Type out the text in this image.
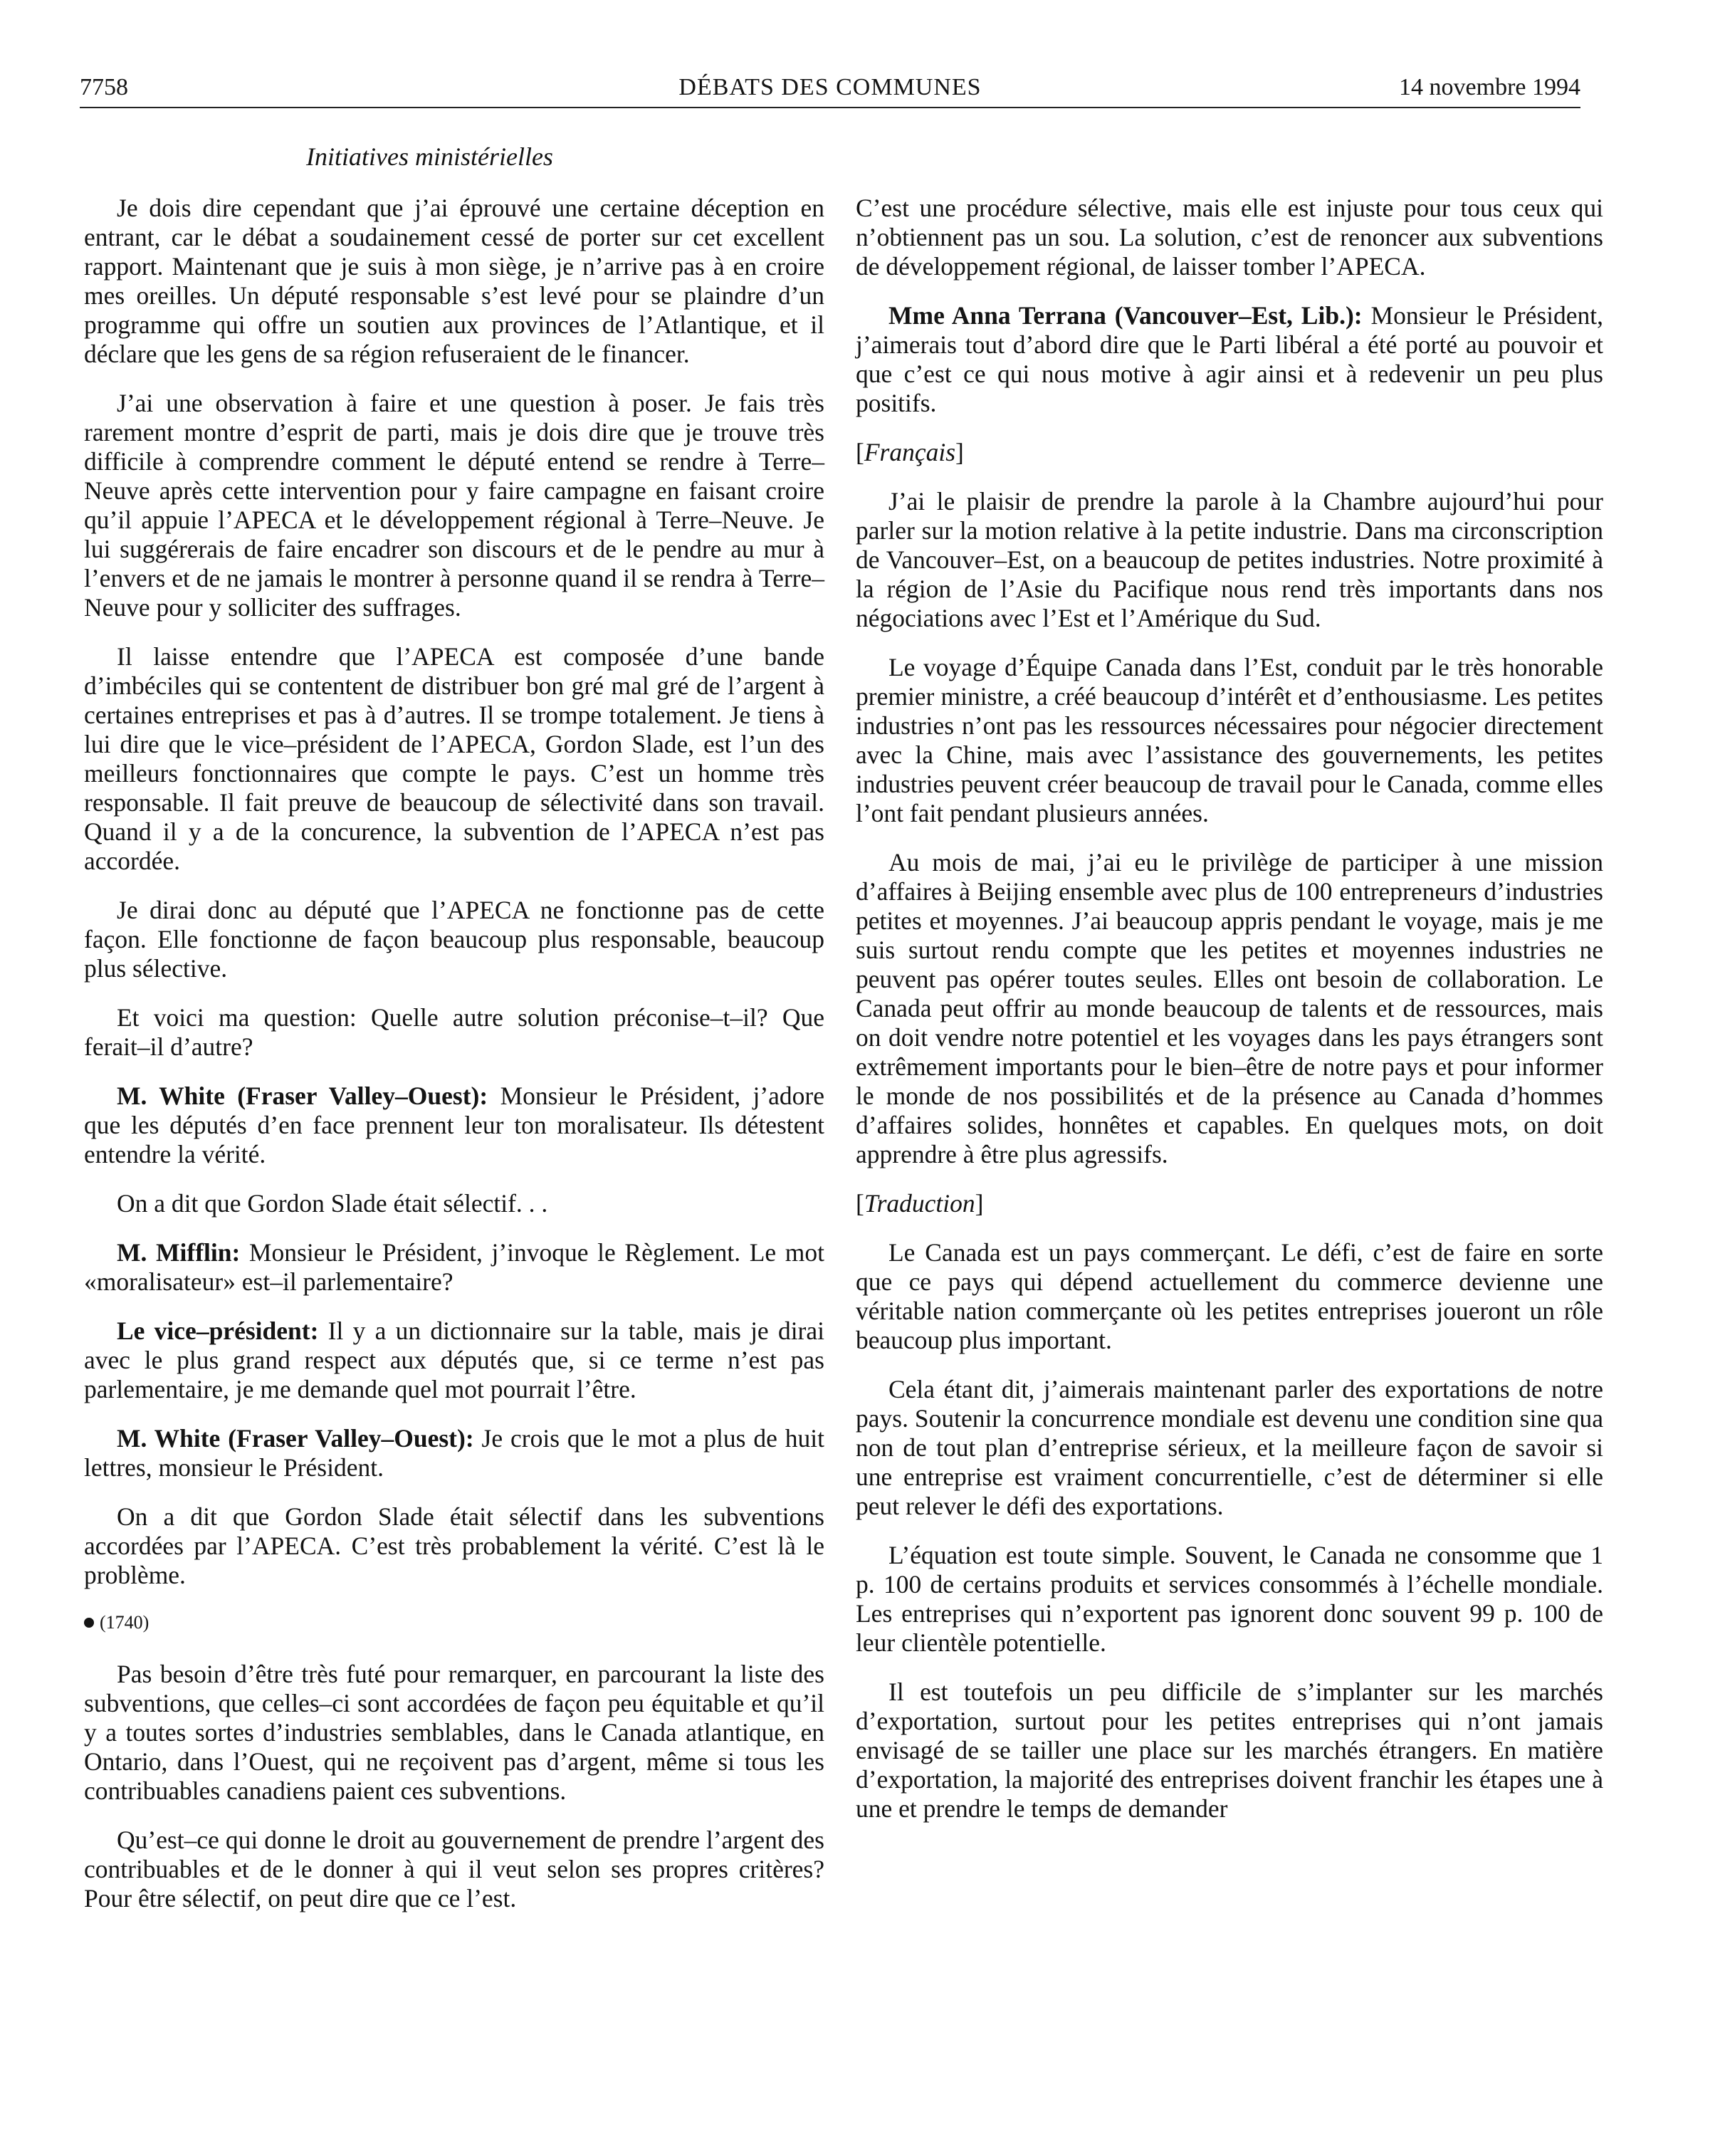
7758	DÉBATS DES COMMUNES	14 novembre 1994
Initiatives ministérielles

Je dois dire cependant que j’ai éprouvé une certaine déception en entrant, car le débat a soudainement cessé de porter sur cet excellent rapport. Maintenant que je suis à mon siège, je n’arrive pas à en croire mes oreilles. Un député responsable s’est levé pour se plaindre d’un programme qui offre un soutien aux provinces de l’Atlantique, et il déclare que les gens de sa région refuseraient de le financer.

J’ai une observation à faire et une question à poser. Je fais très rarement montre d’esprit de parti, mais je dois dire que je trouve très difficile à comprendre comment le député entend se rendre à Terre–Neuve après cette intervention pour y faire campagne en faisant croire qu’il appuie l’APECA et le développement régional à Terre–Neuve. Je lui suggérerais de faire encadrer son discours et de le pendre au mur à l’envers et de ne jamais le montrer à personne quand il se rendra à Terre–Neuve pour y solliciter des suffrages.

Il laisse entendre que l’APECA est composée d’une bande d’imbéciles qui se contentent de distribuer bon gré mal gré de l’argent à certaines entreprises et pas à d’autres. Il se trompe totalement. Je tiens à lui dire que le vice–président de l’APECA, Gordon Slade, est l’un des meilleurs fonctionnaires que compte le pays. C’est un homme très responsable. Il fait preuve de beaucoup de sélectivité dans son travail. Quand il y a de la concurence, la subvention de l’APECA n’est pas accordée.

Je dirai donc au député que l’APECA ne fonctionne pas de cette façon. Elle fonctionne de façon beaucoup plus responsable, beaucoup plus sélective.

Et voici ma question: Quelle autre solution préconise–t–il? Que ferait–il d’autre?

M. White (Fraser Valley–Ouest): Monsieur le Président, j’adore que les députés d’en face prennent leur ton moralisateur. Ils détestent entendre la vérité.

On a dit que Gordon Slade était sélectif. . .

M. Mifflin: Monsieur le Président, j’invoque le Règlement. Le mot «moralisateur» est–il parlementaire?

Le vice–président: Il y a un dictionnaire sur la table, mais je dirai avec le plus grand respect aux députés que, si ce terme n’est pas parlementaire, je me demande quel mot pourrait l’être.

M. White (Fraser Valley–Ouest): Je crois que le mot a plus de huit lettres, monsieur le Président.

On a dit que Gordon Slade était sélectif dans les subventions accordées par l’APECA. C’est très probablement la vérité. C’est là le problème.

(1740)

Pas besoin d’être très futé pour remarquer, en parcourant la liste des subventions, que celles–ci sont accordées de façon peu équitable et qu’il y a toutes sortes d’industries semblables, dans le Canada atlantique, en Ontario, dans l’Ouest, qui ne reçoivent pas d’argent, même si tous les contribuables canadiens paient ces subventions.

Qu’est–ce qui donne le droit au gouvernement de prendre l’argent des contribuables et de le donner à qui il veut selon ses propres critères? Pour être sélectif, on peut dire que ce l’est.

C’est une procédure sélective, mais elle est injuste pour tous ceux qui n’obtiennent pas un sou. La solution, c’est de renoncer aux subventions de développement régional, de laisser tomber l’APECA.

Mme Anna Terrana (Vancouver–Est, Lib.): Monsieur le Président, j’aimerais tout d’abord dire que le Parti libéral a été porté au pouvoir et que c’est ce qui nous motive à agir ainsi et à redevenir un peu plus positifs.

[Français]

J’ai le plaisir de prendre la parole à la Chambre aujourd’hui pour parler sur la motion relative à la petite industrie. Dans ma circonscription de Vancouver–Est, on a beaucoup de petites industries. Notre proximité à la région de l’Asie du Pacifique nous rend très importants dans nos négociations avec l’Est et l’Amérique du Sud.

Le voyage d’Équipe Canada dans l’Est, conduit par le très honorable premier ministre, a créé beaucoup d’intérêt et d’enthousiasme. Les petites industries n’ont pas les ressources nécessaires pour négocier directement avec la Chine, mais avec l’assistance des gouvernements, les petites industries peuvent créer beaucoup de travail pour le Canada, comme elles l’ont fait pendant plusieurs années.

Au mois de mai, j’ai eu le privilège de participer à une mission d’affaires à Beijing ensemble avec plus de 100 entrepreneurs d’industries petites et moyennes. J’ai beaucoup appris pendant le voyage, mais je me suis surtout rendu compte que les petites et moyennes industries ne peuvent pas opérer toutes seules. Elles ont besoin de collaboration. Le Canada peut offrir au monde beaucoup de talents et de ressources, mais on doit vendre notre potentiel et les voyages dans les pays étrangers sont extrêmement importants pour le bien–être de notre pays et pour informer le monde de nos possibilités et de la présence au Canada d’hommes d’affaires solides, honnêtes et capables. En quelques mots, on doit apprendre à être plus agressifs.

[Traduction]

Le Canada est un pays commerçant. Le défi, c’est de faire en sorte que ce pays qui dépend actuellement du commerce devienne une véritable nation commerçante où les petites entreprises joueront un rôle beaucoup plus important.

Cela étant dit, j’aimerais maintenant parler des exportations de notre pays. Soutenir la concurrence mondiale est devenu une condition sine qua non de tout plan d’entreprise sérieux, et la meilleure façon de savoir si une entreprise est vraiment concurrentielle, c’est de déterminer si elle peut relever le défi des exportations.

L’équation est toute simple. Souvent, le Canada ne consomme que 1 p. 100 de certains produits et services consommés à l’échelle mondiale. Les entreprises qui n’exportent pas ignorent donc souvent 99 p. 100 de leur clientèle potentielle.

Il est toutefois un peu difficile de s’implanter sur les marchés d’exportation, surtout pour les petites entreprises qui n’ont jamais envisagé de se tailler une place sur les marchés étrangers. En matière d’exportation, la majorité des entreprises doivent franchir les étapes une à une et prendre le temps de demander
